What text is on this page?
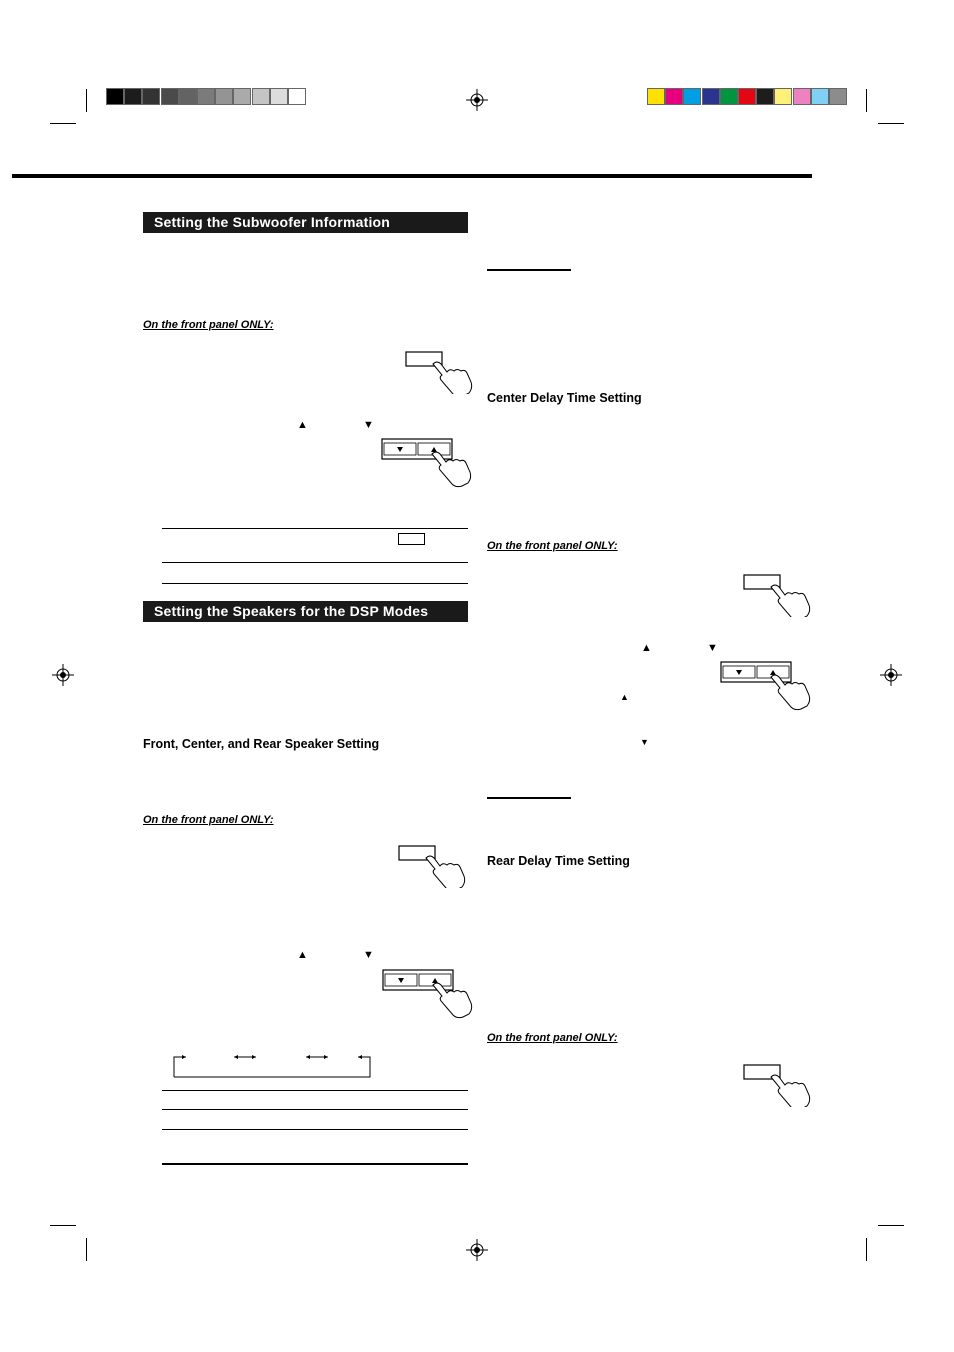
Setting the Subwoofer Information
On the front panel ONLY:
▲	▼
Setting the Speakers for the DSP Modes
Front, Center, and Rear Speaker Setting
On the front panel ONLY:
▲	▼
Center Delay Time Setting
On the front panel ONLY:
▲	▼
▲
▼
Rear Delay Time Setting
On the front panel ONLY:
